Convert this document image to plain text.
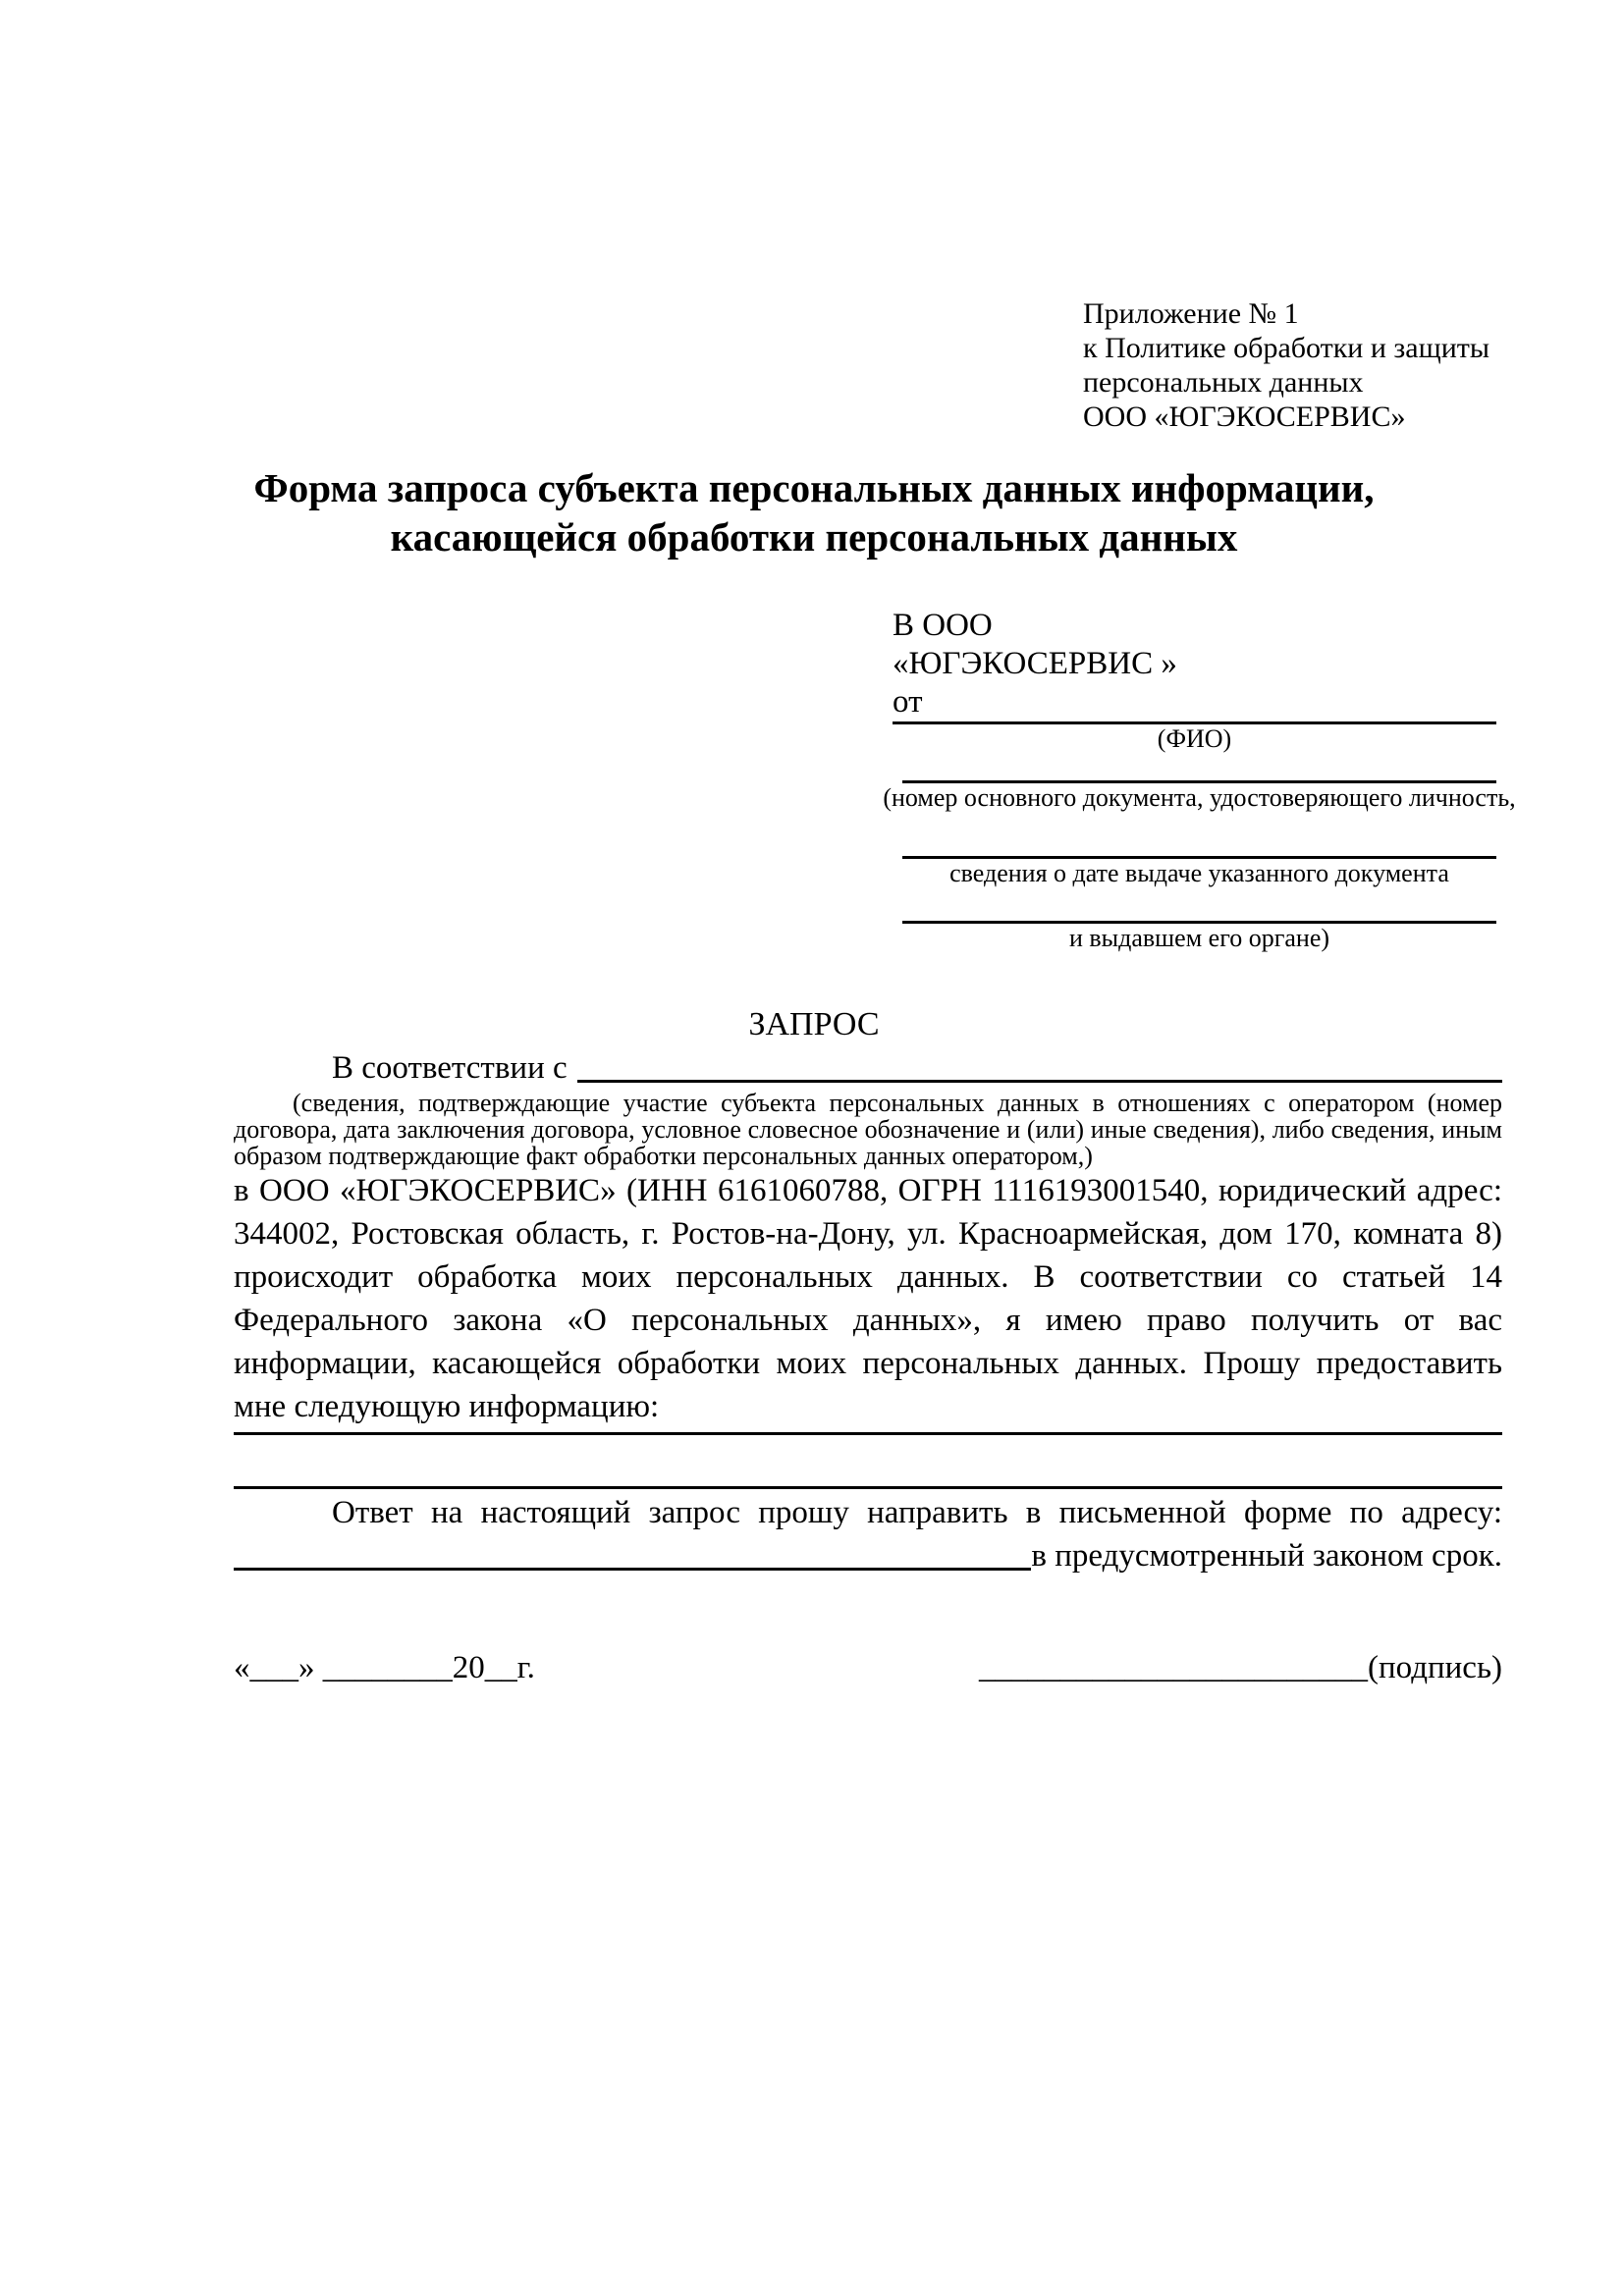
Приложение № 1
к Политике обработки и защиты
персональных данных
ООО «ЮГЭКОСЕРВИС»
Форма запроса субъекта персональных данных информации,
касающейся обработки персональных данных
В ООО
«ЮГЭКОСЕРВИС »
от
(ФИО)
(номер основного документа, удостоверяющего личность,
сведения о дате выдаче указанного документа
и выдавшем его органе)
ЗАПРОС
В соответствии с
(сведения, подтверждающие участие субъекта персональных данных в отношениях с оператором (номер договора, дата заключения договора, условное словесное обозначение и (или) иные сведения), либо сведения, иным образом подтверждающие факт обработки персональных данных оператором,)
в ООО «ЮГЭКОСЕРВИС» (ИНН 6161060788, ОГРН 1116193001540, юридический адрес: 344002, Ростовская область, г. Ростов-на-Дону, ул. Красноармейская, дом 170, комната 8) происходит обработка моих персональных данных. В соответствии со статьей 14 Федерального закона «О персональных данных», я имею право получить от вас информации, касающейся обработки моих персональных данных. Прошу предоставить мне следующую информацию:
Ответ на настоящий запрос прошу направить в письменной форме по адресу:
в предусмотренный законом срок.
«___» ________20__г.	________________________(подпись)
